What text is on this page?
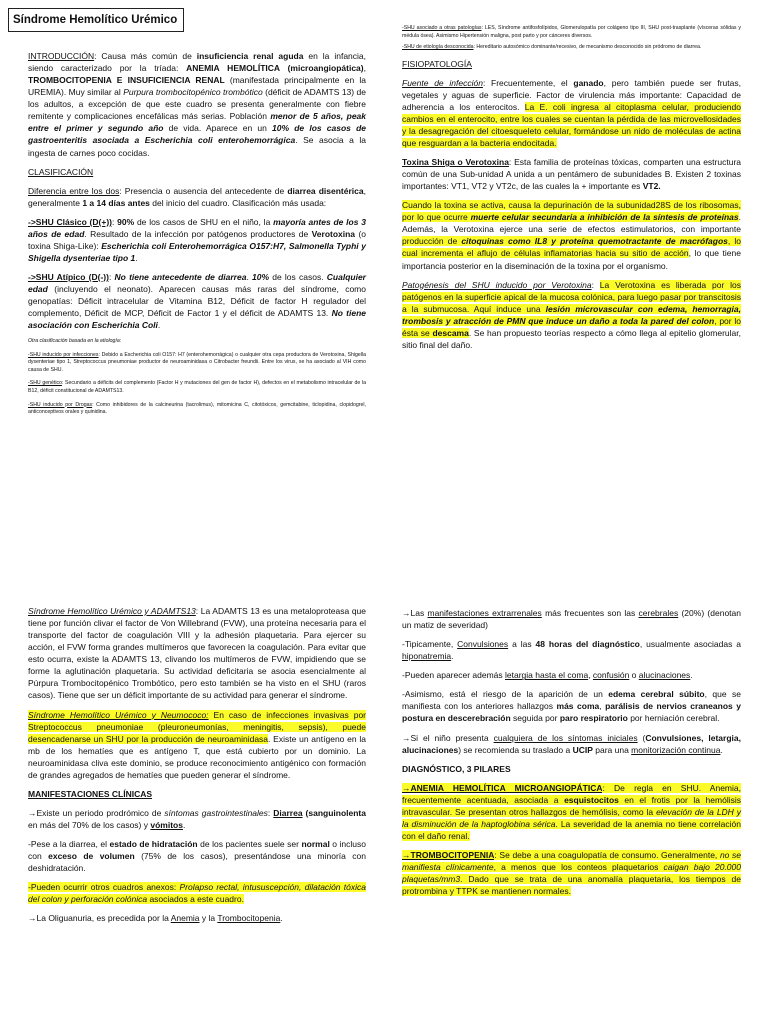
Síndrome Hemolítico Urémico

INTRODUCCIÓN: Causa más común de insuficiencia renal aguda en la infancia, siendo caracterizado por la tríada: ANEMIA HEMOLÍTICA (microangiopática), TROMBOCITOPENIA E INSUFICIENCIA RENAL (manifestada principalmente en la UREMIA). Muy similar al Purpura trombocitopénico trombótico (déficit de ADAMTS 13) de los adultos, a excepción de que este cuadro se presenta generalmente con fiebre remitente y complicaciones encefálicas más serias. Población menor de 5 años, peak entre el primer y segundo año de vida. Aparece en un 10% de los casos de gastroenteritis asociada a Escherichia coli enterohemorrágica. Se asocia a la ingesta de carnes poco cocidas.

CLASIFICACIÓN

Diferencia entre los dos: Presencia o ausencia del antecedente de diarrea disentérica, generalmente 1 a 14 días antes del inicio del cuadro. Clasificación más usada:

->SHU Clásico (D(+)): 90% de los casos de SHU en el niño, la mayoría antes de los 3 años de edad. Resultado de la infección por patógenos productores de Verotoxina (o toxina Shiga-Like): Escherichia coli Enterohemorrágica O157:H7, Salmonella Typhi y Shigella dysenteriae tipo 1.

->SHU Atípico (D(-)): No tiene antecedente de diarrea. 10% de los casos. Cualquier edad (incluyendo el neonato). Aparecen causas más raras del síndrome, como genopatías: Déficit intracelular de Vitamina B12, Déficit de factor H regulador del complemento, Déficit de MCP, Déficit de Factor 1 y el déficit de ADAMTS 13. No tiene asociación con Escherichia Coli.

Otra clasificación basada en la etiología:

-SHU inducido por infecciones: Debido a Escherichia coli O157: H7 (enterohemorrágica) o cualquier otra cepa productora de Verotoxina, Shigella dysenteriae tipo 1, Streptococcus pneumoniae productor de neuroaminidasa o Citrobacter freundii. Entre los virus, se ha asociado al VIH como causa de SHU.

-SHU genético: Secundario a déficits del complemento (Factor H y mutaciones del gen de factor H), defectos en el metabolismo intracelular de la B12, déficit constitucional de ADAMTS13.

-SHU inducido por Drogas: Como inhibidores de la calcineurina (tacrolimus), mitomicina C, citotóxicos, gemcitabine, ticlopidina, clopidogrel, anticonceptivos orales y quinidina.

-SHU asociado a otras patologías: LES, Síndrome antifosfolípidos, Glomerulopatía por colágeno tipo III, SHU post-trasplante (vísceras sólidas y médula ósea). Asimismo Hipertensión maligna, post parto y por cánceres diversos.

-SHU de etiología desconocida: Hereditario autosómico dominante/recesivo, de mecanismo desconocido sin pródromo de diarrea.

FISIOPATOLOGÍA

Fuente de infección: Frecuentemente, el ganado, pero también puede ser frutas, vegetales y aguas de superficie. Factor de virulencia más importante: Capacidad de adherencia a los enterocitos. La E. coli ingresa al citoplasma celular, produciendo cambios en el enterocito, entre los cuales se cuentan la pérdida de las microvellosidades y la desagregación del citoesqueleto celular, formándose un nido de moléculas de actina que resguardan a la bacteria endocitada.

Toxina Shiga o Verotoxina: Esta familia de proteínas tóxicas, comparten una estructura común de una Sub-unidad A unida a un pentámero de subunidades B. Existen 2 toxinas importantes: VT1, VT2 y VT2c, de las cuales la + importante es VT2.

Cuando la toxina se activa, causa la depurinación de la subunidad28S de los ribosomas, por lo que ocurre muerte celular secundaria a inhibición de la síntesis de proteínas. Además, la Verotoxina ejerce una serie de efectos estimulatorios, con importante producción de citoquinas como IL8 y proteína quemotractante de macrófagos, lo cual incrementa el aflujo de células inflamatorias hacia su sitio de acción, lo que tiene importancia posterior en la diseminación de la toxina por el organismo.

Patogénesis del SHU inducido por Verotoxina: La Verotoxina es liberada por los patógenos en la superficie apical de la mucosa colónica, para luego pasar por transcitosis a la submucosa. Aquí induce una lesión microvascular con edema, hemorragia, trombosis y atracción de PMN que induce un daño a toda la pared del colon, por lo ésta se descama. Se han propuesto teorías respecto a cómo llega al epitelio glomerular, sitio final del daño.

Síndrome Hemolítico Urémico y ADAMTS13: La ADAMTS 13 es una metaloproteasa que tiene por función clivar el factor de Von Willebrand (FVW), una proteína necesaria para el transporte del factor de coagulación VIII y la adhesión plaquetaria. Para ejercer su acción, el FVW forma grandes multímeros que favorecen la coagulación. Para evitar que esto ocurra, existe la ADAMTS 13, clivando los multímeros de FVW, impidiendo que se forme la aglutinación plaquetaria. Su actividad deficitaria se asocia esencialmente al Púrpura Trombocitopénico Trombótico, pero esto también se ha visto en el SHU (raros casos). Tiene que ser un déficit importante de su actividad para generar el síndrome.

Síndrome Hemolítico Urémico y Neumococo: En caso de infecciones invasivas por Streptococcus pneumoniae (pleuroneumonías, meningitis, sepsis), puede desencadenarse un SHU por la producción de neuroaminidasa. Existe un antígeno en la mb de los hematíes que es antígeno T, que está cubierto por un dominio. La neuroaminidasa cliva este dominio, se produce reconocimiento antigénico con formación de grandes agregados de hematíes que pueden generar el síndrome.

MANIFESTACIONES CLÍNICAS

→Existe un periodo prodrómico de síntomas gastrointestinales: Diarrea (sanguinolenta en más del 70% de los casos) y vómitos.

-Pese a la diarrea, el estado de hidratación de los pacientes suele ser normal o incluso con exceso de volumen (75% de los casos), presentándose una minoría con deshidratación.

-Pueden ocurrir otros cuadros anexos: Prolapso rectal, intususcepción, dilatación tóxica del colon y perforación colónica asociados a este cuadro.

→La Oliguanuria, es precedida por la Anemia y la Trombocitopenia.

→Las manifestaciones extrarrenales más frecuentes son las cerebrales (20%) (denotan un matiz de severidad)

-Tipicamente, Convulsiones a las 48 horas del diagnóstico, usualmente asociadas a hiponatremia.

-Pueden aparecer además letargia hasta el coma, confusión o alucinaciones.

-Asimismo, está el riesgo de la aparición de un edema cerebral súbito, que se manifiesta con los anteriores hallazgos más coma, parálisis de nervios craneanos y postura en descerebración seguida por paro respiratorio por herniación cerebral.

→Si el niño presenta cualquiera de los síntomas iniciales (Convulsiones, letargia, alucinaciones) se recomienda su traslado a UCIP para una monitorización continua.

DIAGNÓSTICO, 3 PILARES

→ANEMIA HEMOLÍTICA MICROANGIOPÁTICA: De regla en SHU. Anemia, frecuentemente acentuada, asociada a esquistocitos en el frotis por la hemólisis intravascular. Se presentan otros hallazgos de hemólisis, como la elevación de la LDH y la disminución de la haptoglobina sérica. La severidad de la anemia no tiene correlación con el daño renal.

→TROMBOCITOPENIA: Se debe a una coagulopatía de consumo. Generalmente, no se manifiesta clínicamente, a menos que los conteos plaquetarios caigan bajo 20.000 plaquetas/mm3. Dado que se trata de una anomalía plaquetaria, los tiempos de protrombina y TTPK se mantienen normales.
